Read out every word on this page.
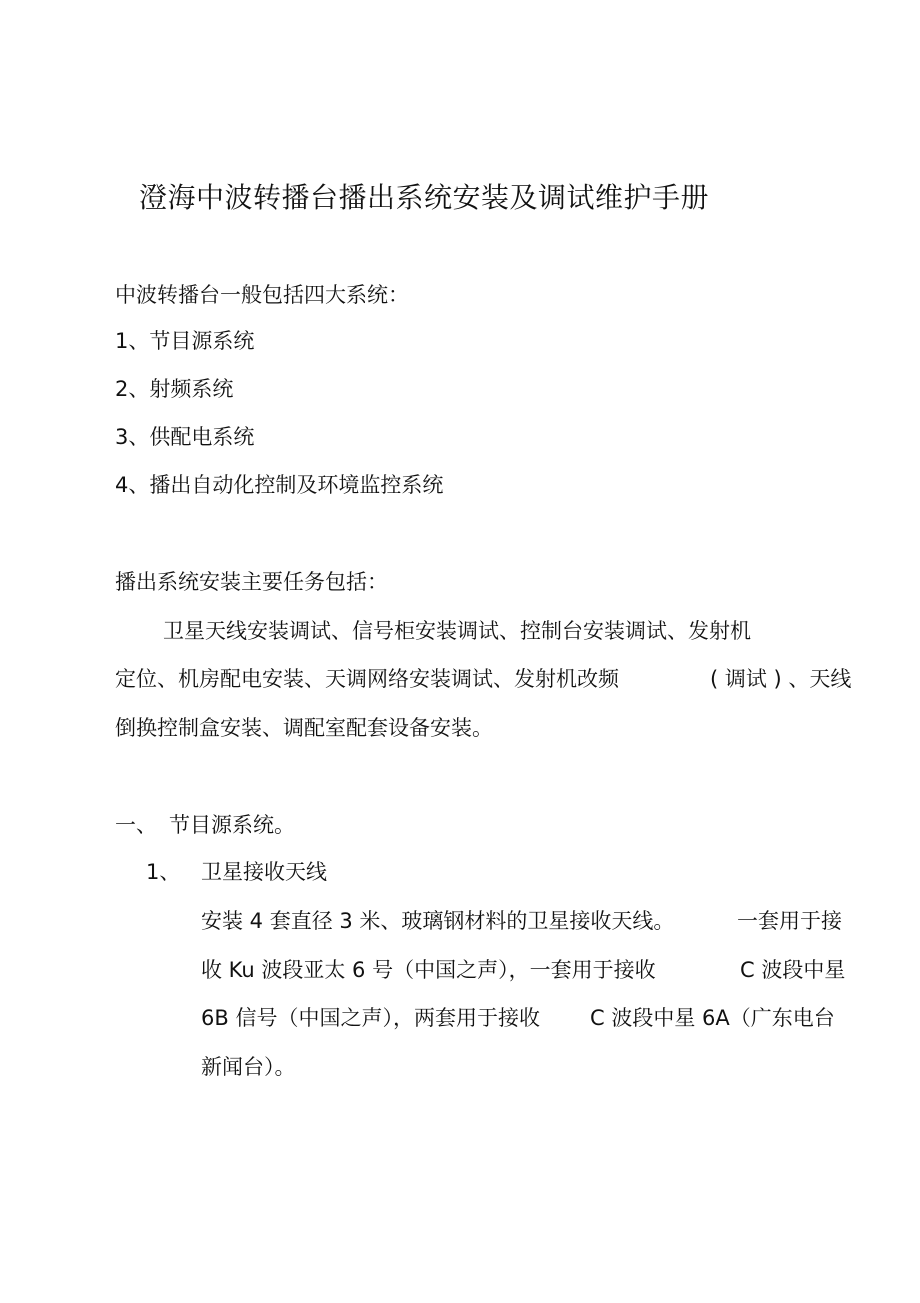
澄海中波转播台播出系统安装及调试维护手册
中波转播台一般包括四大系统：
1、节目源系统
2、射频系统
3、供配电系统
4、播出自动化控制及环境监控系统
播出系统安装主要任务包括：
卫星天线安装调试、信号柜安装调试、控制台安装调试、发射机
定位、机房配电安装、天调网络安装调试、发射机改频	( 调试 ) 、天线
倒换控制盒安装、调配室配套设备安装。
一、 节目源系统。
1、 卫星接收天线
安装 4 套直径 3 米、玻璃钢材料的卫星接收天线。	一套用于接
收 Ku 波段亚太 6 号（中国之声），一套用于接收	C 波段中星
6B 信号（中国之声），两套用于接收 C 波段中星 6A（广东电台
新闻台）。
